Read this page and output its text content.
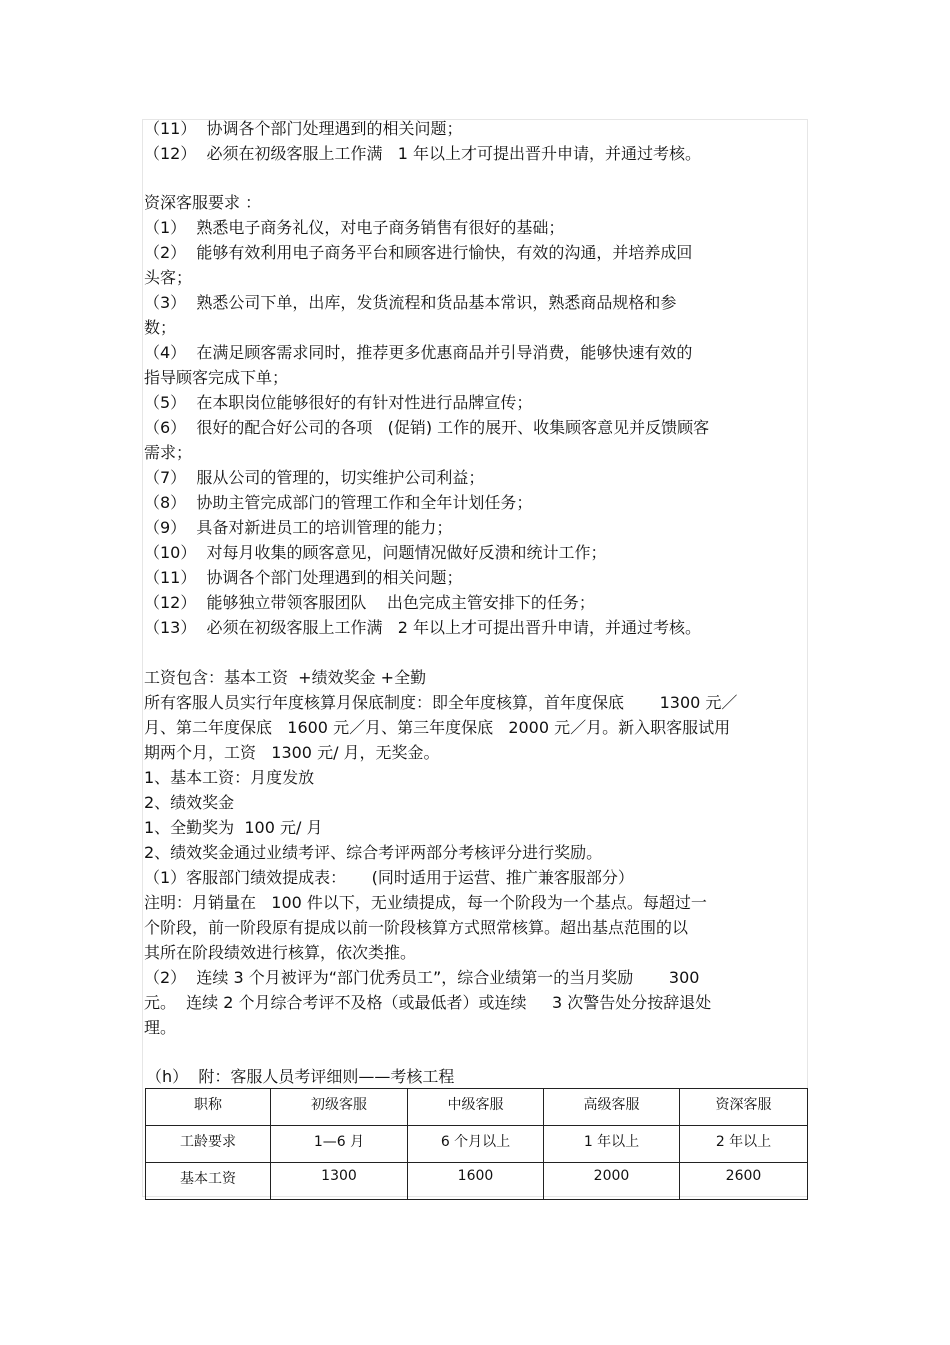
（11）  协调各个部门处理遇到的相关问题；
（12）  必须在初级客服上工作满   1 年以上才可提出晋升申请，并通过考核。
资深客服要求 ：
（1）  熟悉电子商务礼仪，对电子商务销售有很好的基础；
（2）  能够有效利用电子商务平台和顾客进行愉快，有效的沟通，并培养成回
头客；
（3）  熟悉公司下单，出库，发货流程和货品基本常识，熟悉商品规格和参
数；
（4）  在满足顾客需求同时，推荐更多优惠商品并引导消费，能够快速有效的
指导顾客完成下单；
（5）  在本职岗位能够很好的有针对性进行品牌宣传；
（6）  很好的配合好公司的各项   (促销) 工作的展开、收集顾客意见并反馈顾客
需求；
（7）  服从公司的管理的，切实维护公司利益；
（8）  协助主管完成部门的管理工作和全年计划任务；
（9）  具备对新进员工的培训管理的能力；
（10）  对每月收集的顾客意见，问题情况做好反溃和统计工作；
（11）  协调各个部门处理遇到的相关问题；
（12）  能够独立带领客服团队    出色完成主管安排下的任务；
（13）  必须在初级客服上工作满   2 年以上才可提出晋升申请，并通过考核。
工资包含：基本工资  +绩效奖金 +全勤
所有客服人员实行年度核算月保底制度：即全年度核算，首年度保底       1300 元／
月、第二年度保底   1600 元／月、第三年度保底   2000 元／月。新入职客服试用
期两个月，工资   1300 元/ 月，无奖金。
1、基本工资：月度发放
2、绩效奖金
1、全勤奖为  100 元/ 月
2、绩效奖金通过业绩考评、综合考评两部分考核评分进行奖励。
（1）客服部门绩效提成表：     (同时适用于运营、推广兼客服部分）
注明：月销量在   100 件以下，无业绩提成，每一个阶段为一个基点。每超过一
个阶段，前一阶段原有提成以前一阶段核算方式照常核算。超出基点范围的以
其所在阶段绩效进行核算，依次类推。
（2）  连续 3 个月被评为“部门优秀员工”，综合业绩第一的当月奖励       300
元。  连续 2 个月综合考评不及格（或最低者）或连续     3 次警告处分按辞退处
理。
（h）  附：客服人员考评细则——考核工程
职称	初级客服	中级客服	高级客服	资深客服
工龄要求	1—6 月	6 个月以上	1 年以上	2 年以上
基本工资	1300	1600	2000	2600
